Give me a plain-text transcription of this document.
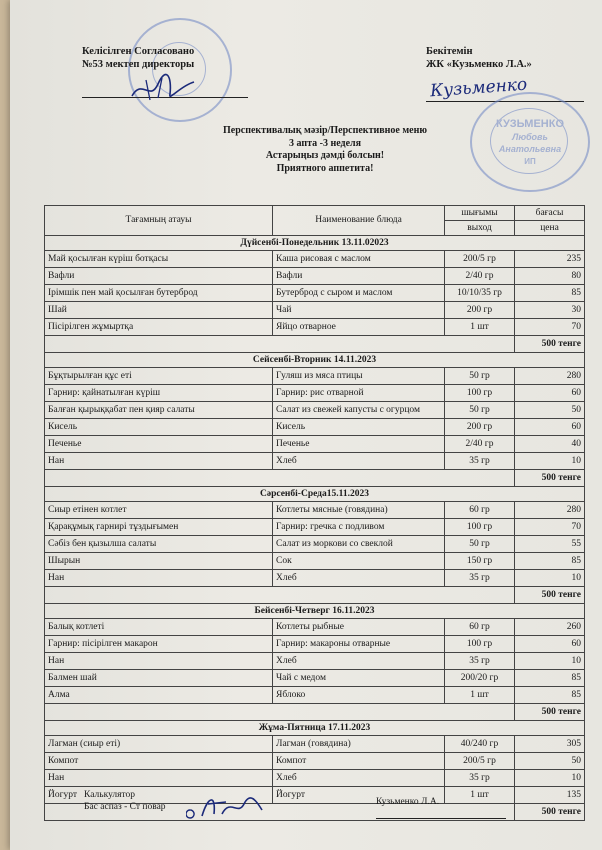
Келісілген Согласовано
№53 мектеп директоры
Бекітемін
ЖК «Кузьменко Л.А.»
Кузьменко
КУЗЬМЕНКО
Любовь
Анатольевна
ИП
Перспективалық мәзір/Перспективное меню
3 апта -3 неделя
Астарыңыз дәмді болсын!
Приятного аппетита!
Тағамның атауы	Наименование блюда	шығымы	бағасы
		выход	цена
Дүйсенбі-Понедельник 13.11.02023			
Май қосылған күріш ботқасы	Каша рисовая с маслом	200/5 гр	235
Вафли	Вафли	2/40 гр	80
Ірімшік пен май қосылған бутерброд	Бутерброд с сыром и маслом	10/10/35 гр	85
Шай	Чай	200 гр	30
Пісірілген жұмыртқа	Яйцо отварное	1 шт	70
			500 тенге
Сейсенбі-Вторник 14.11.2023			
Бұқтырылған құс еті	Гуляш из мяса птицы	50 гр	280
Гарнир: қайнатылған күріш	Гарнир: рис отварной	100 гр	60
Балған қырыққабат пен қияр салаты	Салат из свежей капусты с огурцом	50 гр	50
Кисель	Кисель	200 гр	60
Печенье	Печенье	2/40 гр	40
Нан	Хлеб	35 гр	10
			500 тенге
Сәрсенбі-Среда15.11.2023			
Сиыр етінен котлет	Котлеты мясные (говядина)	60 гр	280
Қарақұмық гарнирі тұздығымен	Гарнир: гречка с подливом	100 гр	70
Сәбіз бен қызылша салаты	Салат из моркови со свеклой	50 гр	55
Шырын	Сок	150 гр	85
Нан	Хлеб	35 гр	10
			500 тенге
Бейсенбі-Четверг 16.11.2023			
Балық котлеті	Котлеты рыбные	60 гр	260
Гарнир: пісірілген макарон	Гарнир: макароны отварные	100 гр	60
Нан	Хлеб	35 гр	10
Балмен шай	Чай с медом	200/20 гр	85
Алма	Яблоко	1 шт	85
			500 тенге
Жұма-Пятница 17.11.2023			
Лагман (сиыр еті)	Лагман (говядина)	40/240 гр	305
Компот	Компот	200/5 гр	50
Нан	Хлеб	35 гр	10
Йогурт	Йогурт	1 шт	135
			500 тенге
Калькулятор
Бас аспаз - Ст повар	Кузьменко Л.А.
